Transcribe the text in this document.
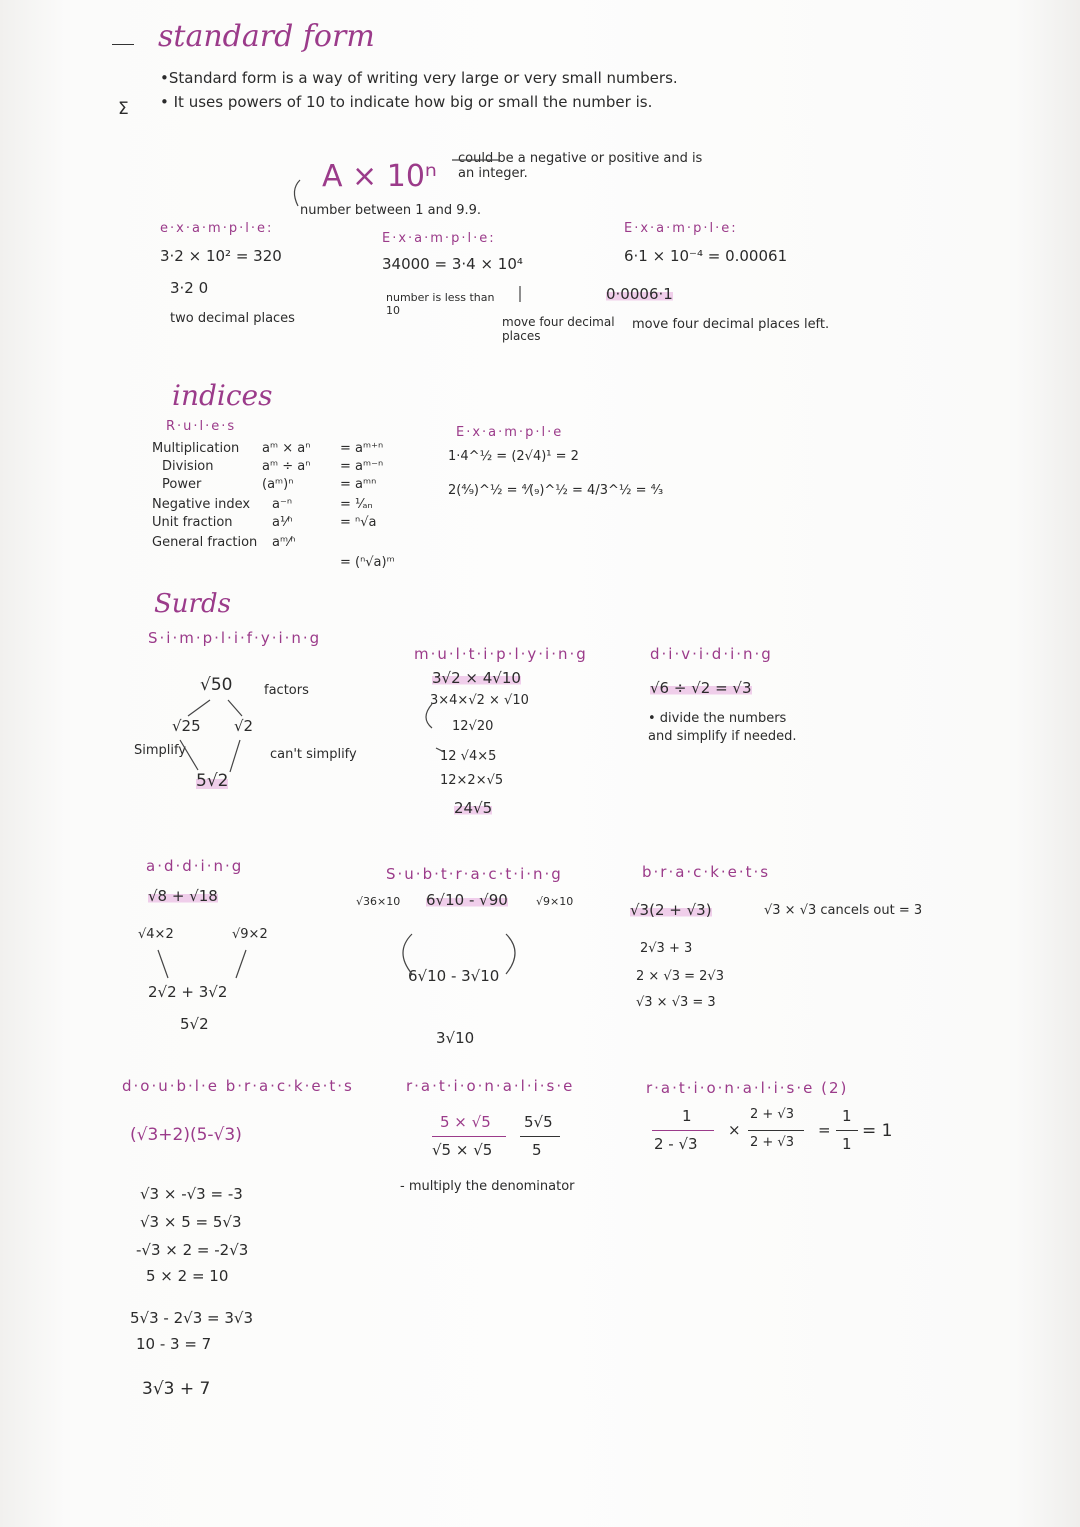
Σ
standard form
•Standard form is a way of writing very large or very small numbers.
• It uses powers of 10 to indicate how big or small the number is.
A × 10ⁿ
could be a negative or positive and is an integer.
number between 1 and 9.9.
e·x·a·m·p·l·e:
3·2 × 10² = 320
3·2 0
two decimal places
E·x·a·m·p·l·e:
34000 = 3·4 × 10⁴
number is less than 10
move four decimal places
E·x·a·m·p·l·e:
6·1 × 10⁻⁴ = 0.00061
0·0006·1
move four decimal places left.
indices
R·u·l·e·s
Multiplication aᵐ × aⁿ = aᵐ⁺ⁿ
Division	aᵐ ÷ aⁿ = aᵐ⁻ⁿ
Power	(aᵐ)ⁿ	= aᵐⁿ
Negative index a⁻ⁿ	= ¹⁄ₐₙ
Unit fraction	a¹⁄ⁿ	= ⁿ√a
General fraction aᵐ⁄ⁿ
= (ⁿ√a)ᵐ
E·x·a·m·p·l·e
1·4^½ = (2√4)¹ = 2
2(⁴⁄₉)^½ = ⁴⁄(₉)^½ = 4/3^½ = ⁴⁄₃
Surds
S·i·m·p·l·i·f·y·i·n·g
√50 factors
√25 √2
Simplify	can't simplify
5√2
m·u·l·t·i·p·l·y·i·n·g
3√2 × 4√10
3×4×√2 × √10
12√20
12 √4×5
12×2×√5
24√5
d·i·v·i·d·i·n·g
√6 ÷ √2 = √3
• divide the numbers
and simplify if needed.
a·d·d·i·n·g
√8 + √18
√4×2	√9×2
2√2 + 3√2
5√2
S·u·b·t·r·a·c·t·i·n·g
√36×10 6√10 - √90	√9×10
6√10 - 3√10
3√10
b·r·a·c·k·e·t·s
√3(2 + √3)	√3 × √3 cancels out = 3
2√3 + 3
2 × √3 = 2√3
√3 × √3 = 3
d·o·u·b·l·e b·r·a·c·k·e·t·s
(√3+2)(5-√3)
√3 × -√3 = -3
√3 × 5 = 5√3
-√3 × 2 = -2√3
5 × 2 = 10
5√3 - 2√3 = 3√3
10 - 3 = 7
3√3 + 7
r·a·t·i·o·n·a·l·i·s·e
5 × √5
√5 × √5
5√5
5
- multiply the denominator
r·a·t·i·o·n·a·l·i·s·e (2)
1
2 - √3
×
2 + √3
2 + √3
=
1
1
= 1
